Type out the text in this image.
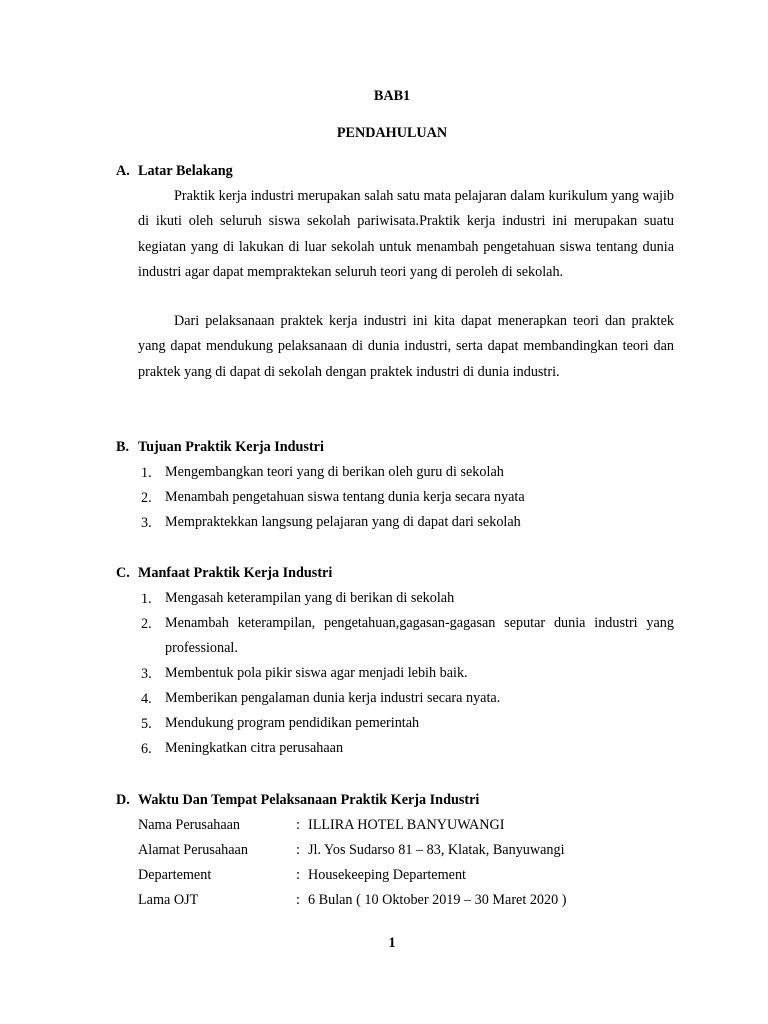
BAB1
PENDAHULUAN
A. Latar Belakang
Praktik kerja industri merupakan salah satu mata pelajaran dalam kurikulum yang wajib di ikuti oleh seluruh siswa sekolah pariwisata.Praktik kerja industri ini merupakan suatu kegiatan yang di lakukan di luar sekolah untuk menambah pengetahuan siswa tentang dunia industri agar dapat mempraktekan seluruh teori yang di peroleh di sekolah.
Dari pelaksanaan praktek kerja industri ini kita dapat menerapkan teori dan praktek yang dapat mendukung pelaksanaan di dunia industri, serta dapat membandingkan teori dan praktek yang di dapat di sekolah dengan praktek industri di dunia industri.
B. Tujuan Praktik Kerja Industri
1. Mengembangkan teori yang di berikan oleh guru di sekolah
2. Menambah pengetahuan siswa tentang dunia kerja secara nyata
3. Mempraktekkan langsung pelajaran yang di dapat dari sekolah
C. Manfaat Praktik Kerja Industri
1. Mengasah keterampilan yang di berikan di sekolah
2. Menambah keterampilan, pengetahuan,gagasan-gagasan seputar dunia industri yang professional.
3. Membentuk pola pikir siswa agar menjadi lebih baik.
4. Memberikan pengalaman dunia kerja industri secara nyata.
5. Mendukung program pendidikan pemerintah
6. Meningkatkan citra perusahaan
D. Waktu Dan Tempat Pelaksanaan Praktik Kerja Industri
Nama Perusahaan	: ILLIRA HOTEL BANYUWANGI
Alamat Perusahaan	: Jl. Yos Sudarso 81 – 83, Klatak, Banyuwangi
Departement	: Housekeeping Departement
Lama OJT	: 6 Bulan ( 10 Oktober 2019 – 30 Maret 2020 )
1
